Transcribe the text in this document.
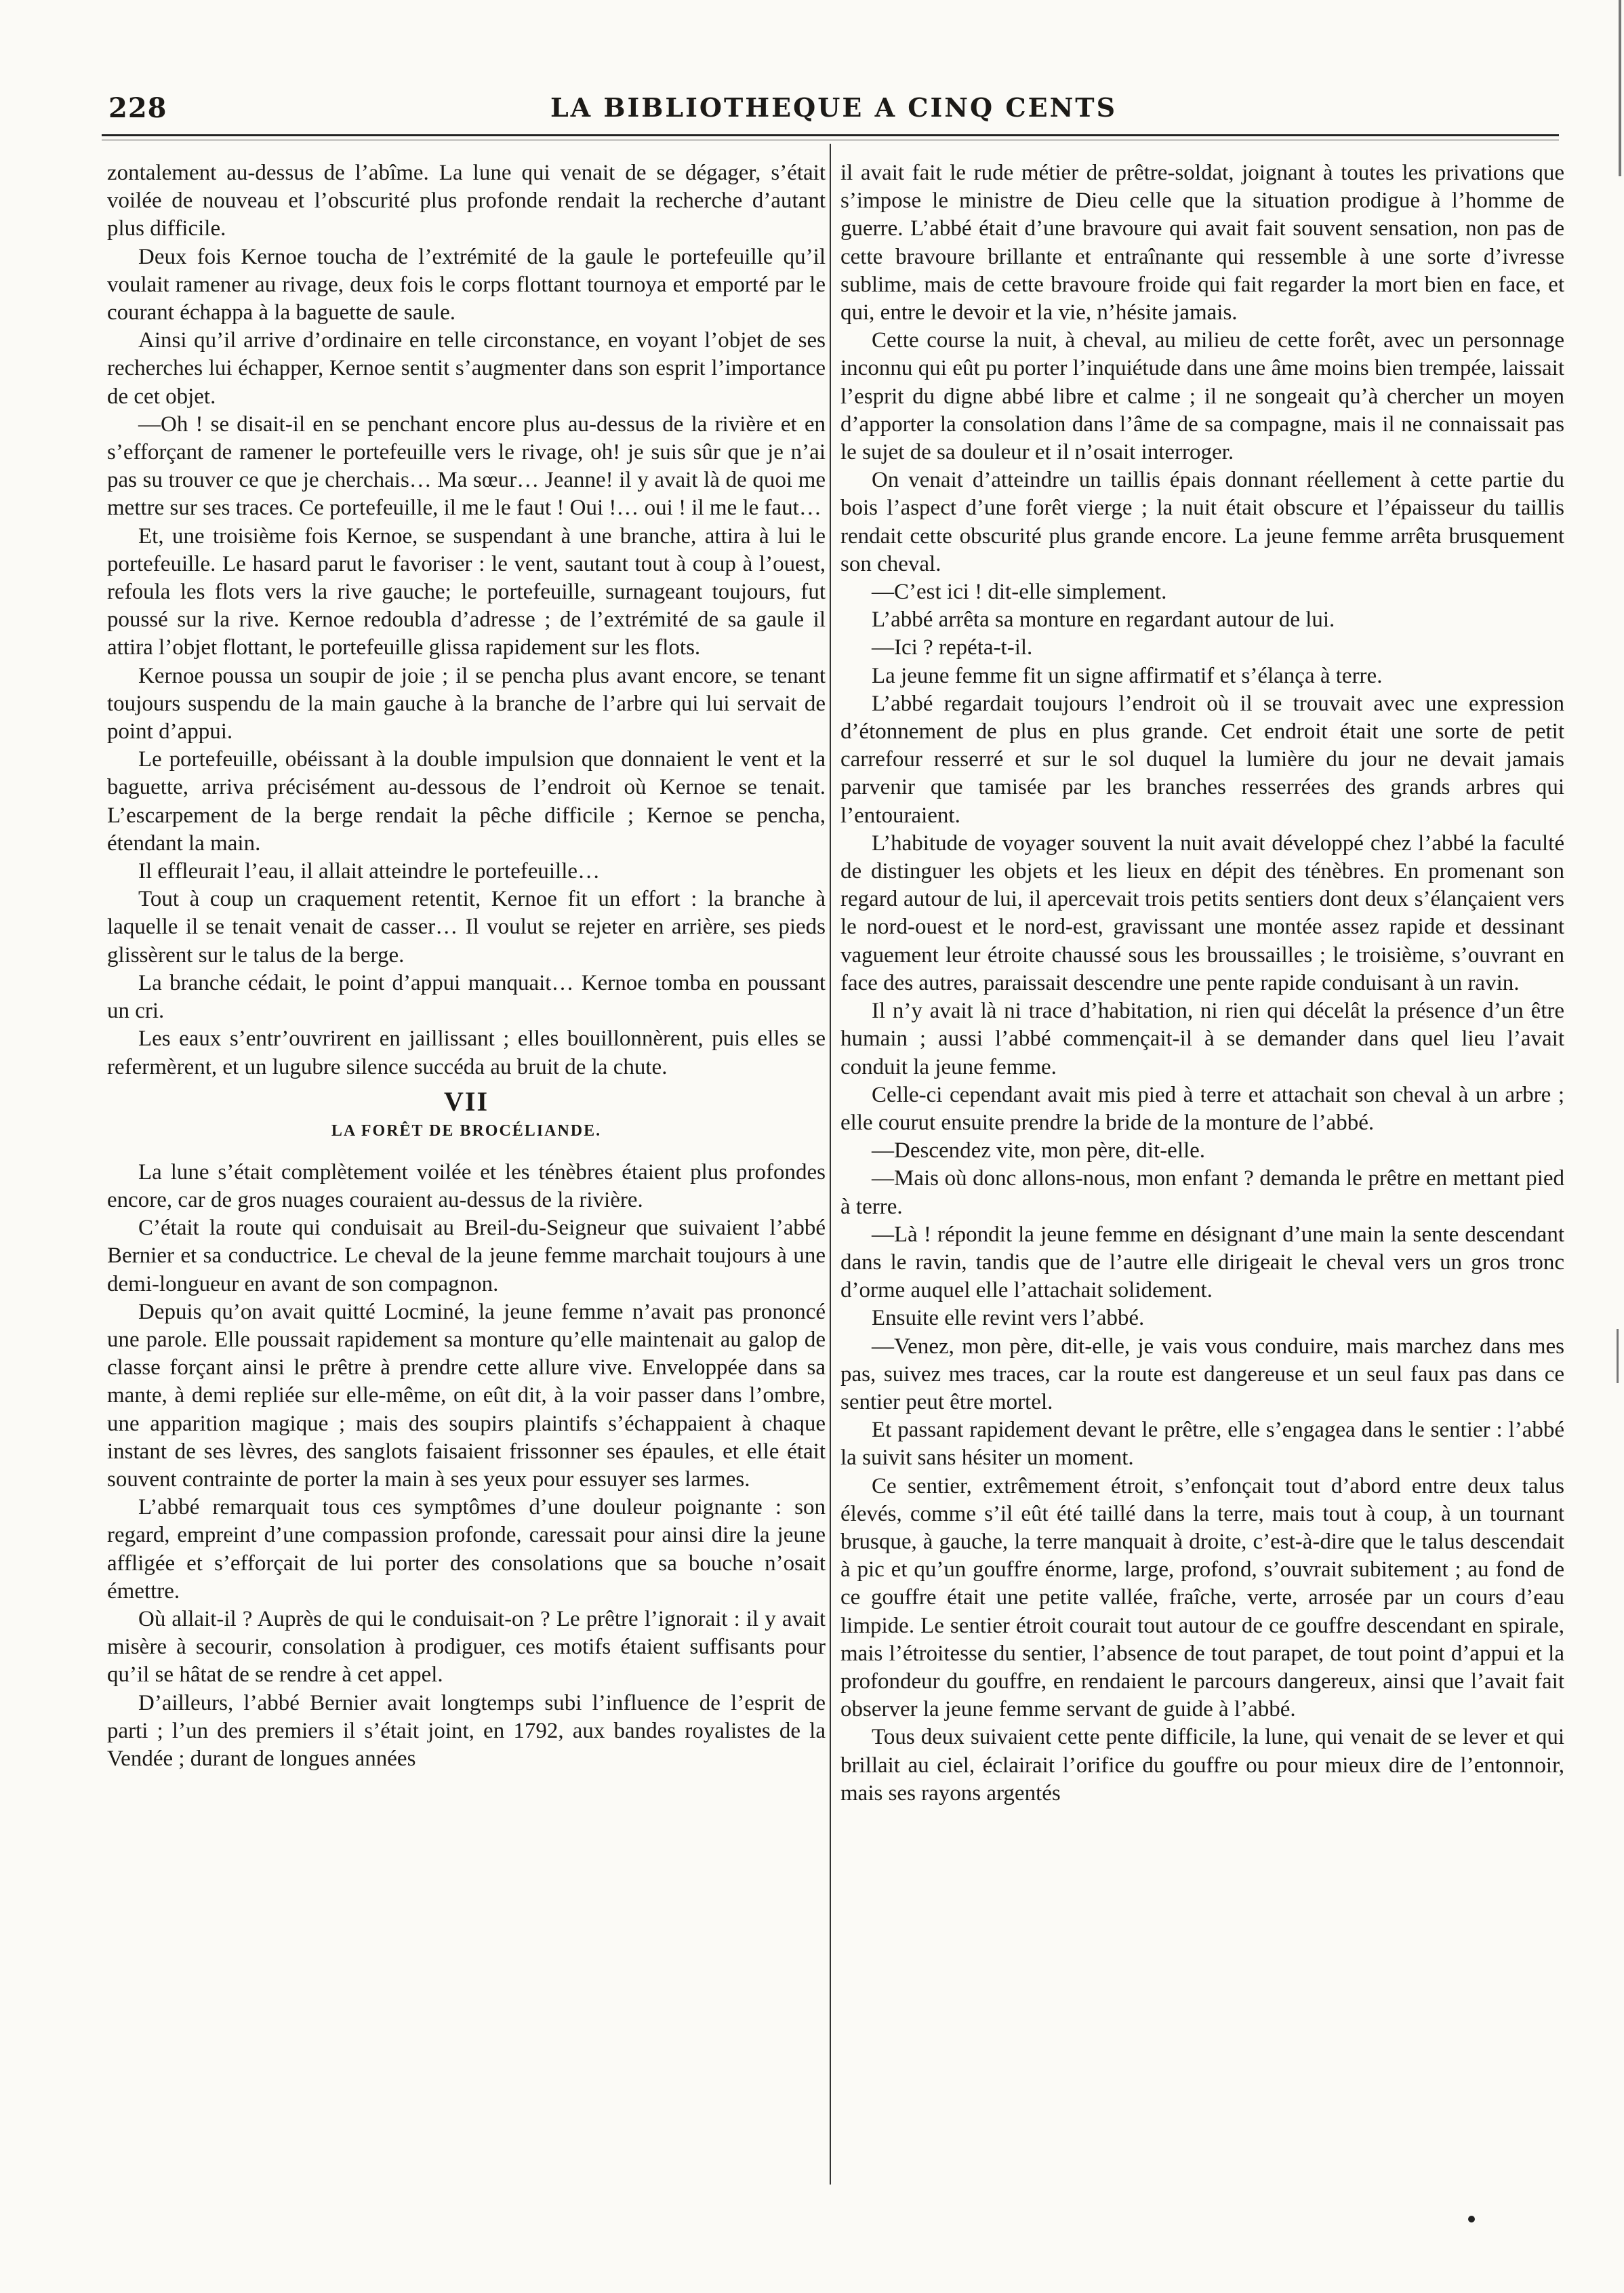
228	LA BIBLIOTHEQUE A CINQ CENTS

zontalement au-dessus de l’abîme. La lune qui venait de se dégager, s’était voilée de nouveau et l’obscurité plus profonde rendait la recherche d’autant plus difficile.

Deux fois Kernoe toucha de l’extrémité de la gaule le portefeuille qu’il voulait ramener au rivage, deux fois le corps flottant tournoya et emporté par le courant échappa à la baguette de saule.

Ainsi qu’il arrive d’ordinaire en telle circonstance, en voyant l’objet de ses recherches lui échapper, Kernoe sentit s’augmenter dans son esprit l’importance de cet objet.

—Oh ! se disait-il en se penchant encore plus au-dessus de la rivière et en s’efforçant de ramener le portefeuille vers le rivage, oh! je suis sûr que je n’ai pas su trouver ce que je cherchais… Ma sœur… Jeanne! il y avait là de quoi me mettre sur ses traces. Ce portefeuille, il me le faut ! Oui !… oui ! il me le faut…

Et, une troisième fois Kernoe, se suspendant à une branche, attira à lui le portefeuille. Le hasard parut le favoriser : le vent, sautant tout à coup à l’ouest, refoula les flots vers la rive gauche; le portefeuille, surnageant toujours, fut poussé sur la rive. Kernoe redoubla d’adresse ; de l’extrémité de sa gaule il attira l’objet flottant, le portefeuille glissa rapidement sur les flots.

Kernoe poussa un soupir de joie ; il se pencha plus avant encore, se tenant toujours suspendu de la main gauche à la branche de l’arbre qui lui servait de point d’appui.

Le portefeuille, obéissant à la double impulsion que donnaient le vent et la baguette, arriva précisément au-dessous de l’endroit où Kernoe se tenait. L’escarpement de la berge rendait la pêche difficile ; Kernoe se pencha, étendant la main.

Il effleurait l’eau, il allait atteindre le portefeuille…

Tout à coup un craquement retentit, Kernoe fit un effort : la branche à laquelle il se tenait venait de casser… Il voulut se rejeter en arrière, ses pieds glissèrent sur le talus de la berge.

La branche cédait, le point d’appui manquait… Kernoe tomba en poussant un cri.

Les eaux s’entr’ouvrirent en jaillissant ; elles bouillonnèrent, puis elles se refermèrent, et un lugubre silence succéda au bruit de la chute.

VII
LA FORÊT DE BROCÉLIANDE.

La lune s’était complètement voilée et les ténèbres étaient plus profondes encore, car de gros nuages couraient au-dessus de la rivière.

C’était la route qui conduisait au Breil-du-Seigneur que suivaient l’abbé Bernier et sa conductrice. Le cheval de la jeune femme marchait toujours à une demi-longueur en avant de son compagnon.

Depuis qu’on avait quitté Locminé, la jeune femme n’avait pas prononcé une parole. Elle poussait rapidement sa monture qu’elle maintenait au galop de classe forçant ainsi le prêtre à prendre cette allure vive. Enveloppée dans sa mante, à demi repliée sur elle-même, on eût dit, à la voir passer dans l’ombre, une apparition magique ; mais des soupirs plaintifs s’échappaient à chaque instant de ses lèvres, des sanglots faisaient frissonner ses épaules, et elle était souvent contrainte de porter la main à ses yeux pour essuyer ses larmes.

L’abbé remarquait tous ces symptômes d’une douleur poignante : son regard, empreint d’une compassion profonde, caressait pour ainsi dire la jeune affligée et s’efforçait de lui porter des consolations que sa bouche n’osait émettre.

Où allait-il ? Auprès de qui le conduisait-on ? Le prêtre l’ignorait : il y avait misère à secourir, consolation à prodiguer, ces motifs étaient suffisants pour qu’il se hâtat de se rendre à cet appel.

D’ailleurs, l’abbé Bernier avait longtemps subi l’influence de l’esprit de parti ; l’un des premiers il s’était joint, en 1792, aux bandes royalistes de la Vendée ; durant de longues années

il avait fait le rude métier de prêtre-soldat, joignant à toutes les privations que s’impose le ministre de Dieu celle que la situation prodigue à l’homme de guerre. L’abbé était d’une bravoure qui avait fait souvent sensation, non pas de cette bravoure brillante et entraînante qui ressemble à une sorte d’ivresse sublime, mais de cette bravoure froide qui fait regarder la mort bien en face, et qui, entre le devoir et la vie, n’hésite jamais.

Cette course la nuit, à cheval, au milieu de cette forêt, avec un personnage inconnu qui eût pu porter l’inquiétude dans une âme moins bien trempée, laissait l’esprit du digne abbé libre et calme ; il ne songeait qu’à chercher un moyen d’apporter la consolation dans l’âme de sa compagne, mais il ne connaissait pas le sujet de sa douleur et il n’osait interroger.

On venait d’atteindre un taillis épais donnant réellement à cette partie du bois l’aspect d’une forêt vierge ; la nuit était obscure et l’épaisseur du taillis rendait cette obscurité plus grande encore. La jeune femme arrêta brusquement son cheval.

—C’est ici ! dit-elle simplement.

L’abbé arrêta sa monture en regardant autour de lui.

—Ici ? repéta-t-il.

La jeune femme fit un signe affirmatif et s’élança à terre.

L’abbé regardait toujours l’endroit où il se trouvait avec une expression d’étonnement de plus en plus grande. Cet endroit était une sorte de petit carrefour resserré et sur le sol duquel la lumière du jour ne devait jamais parvenir que tamisée par les branches resserrées des grands arbres qui l’entouraient.

L’habitude de voyager souvent la nuit avait développé chez l’abbé la faculté de distinguer les objets et les lieux en dépit des ténèbres. En promenant son regard autour de lui, il apercevait trois petits sentiers dont deux s’élançaient vers le nord-ouest et le nord-est, gravissant une montée assez rapide et dessinant vaguement leur étroite chaussé sous les broussailles ; le troisième, s’ouvrant en face des autres, paraissait descendre une pente rapide conduisant à un ravin.

Il n’y avait là ni trace d’habitation, ni rien qui décelât la présence d’un être humain ; aussi l’abbé commençait-il à se demander dans quel lieu l’avait conduit la jeune femme.

Celle-ci cependant avait mis pied à terre et attachait son cheval à un arbre ; elle courut ensuite prendre la bride de la monture de l’abbé.

—Descendez vite, mon père, dit-elle.

—Mais où donc allons-nous, mon enfant ? demanda le prêtre en mettant pied à terre.

—Là ! répondit la jeune femme en désignant d’une main la sente descendant dans le ravin, tandis que de l’autre elle dirigeait le cheval vers un gros tronc d’orme auquel elle l’attachait solidement.

Ensuite elle revint vers l’abbé.

—Venez, mon père, dit-elle, je vais vous conduire, mais marchez dans mes pas, suivez mes traces, car la route est dangereuse et un seul faux pas dans ce sentier peut être mortel.

Et passant rapidement devant le prêtre, elle s’engagea dans le sentier : l’abbé la suivit sans hésiter un moment.

Ce sentier, extrêmement étroit, s’enfonçait tout d’abord entre deux talus élevés, comme s’il eût été taillé dans la terre, mais tout à coup, à un tournant brusque, à gauche, la terre manquait à droite, c’est-à-dire que le talus descendait à pic et qu’un gouffre énorme, large, profond, s’ouvrait subitement ; au fond de ce gouffre était une petite vallée, fraîche, verte, arrosée par un cours d’eau limpide. Le sentier étroit courait tout autour de ce gouffre descendant en spirale, mais l’étroitesse du sentier, l’absence de tout parapet, de tout point d’appui et la profondeur du gouffre, en rendaient le parcours dangereux, ainsi que l’avait fait observer la jeune femme servant de guide à l’abbé.

Tous deux suivaient cette pente difficile, la lune, qui venait de se lever et qui brillait au ciel, éclairait l’orifice du gouffre ou pour mieux dire de l’entonnoir, mais ses rayons argentés
